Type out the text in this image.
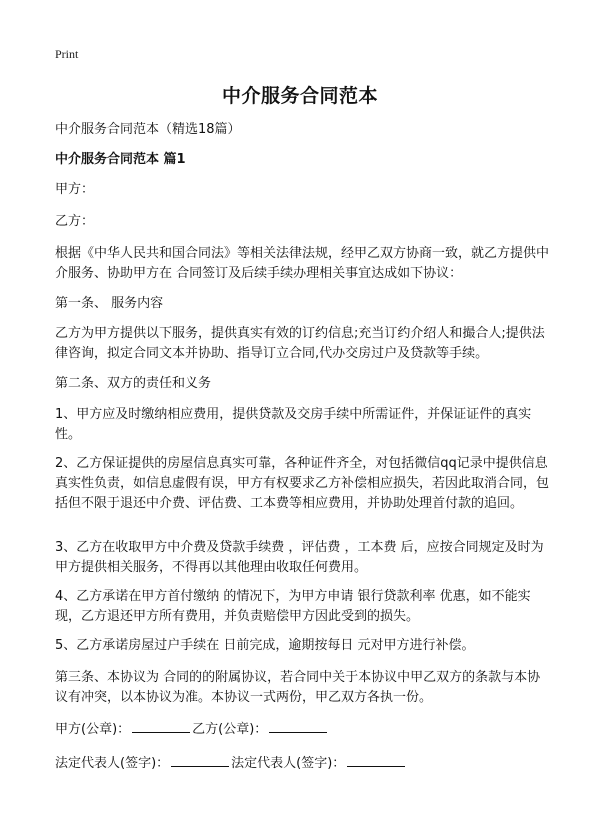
Print
中介服务合同范本

中介服务合同范本（精选18篇）

中介服务合同范本 篇1

甲方：

乙方：

根据《中华人民共和国合同法》等相关法律法规，经甲乙双方协商一致，就乙方提供中介服务、协助甲方在 合同签订及后续手续办理相关事宜达成如下协议：

第一条、 服务内容

乙方为甲方提供以下服务，提供真实有效的订约信息;充当订约介绍人和撮合人;提供法律咨询，拟定合同文本并协助、指导订立合同,代办交房过户及贷款等手续。

第二条、双方的责任和义务

1、甲方应及时缴纳相应费用，提供贷款及交房手续中所需证件，并保证证件的真实性。

2、乙方保证提供的房屋信息真实可靠，各种证件齐全，对包括微信qq记录中提供信息真实性负责，如信息虚假有误，甲方有权要求乙方补偿相应损失，若因此取消合同，包括但不限于退还中介费、评估费、工本费等相应费用，并协助处理首付款的追回。

3、乙方在收取甲方中介费及贷款手续费 ，评估费 ，工本费 后，应按合同规定及时为甲方提供相关服务，不得再以其他理由收取任何费用。

4、乙方承诺在甲方首付缴纳 的情况下，为甲方申请 银行贷款利率 优惠，如不能实现，乙方退还甲方所有费用，并负责赔偿甲方因此受到的损失。

5、乙方承诺房屋过户手续在 日前完成，逾期按每日 元对甲方进行补偿。

第三条、本协议为 合同的的附属协议，若合同中关于本协议中甲乙双方的条款与本协议有冲突，以本协议为准。本协议一式两份，甲乙双方各执一份。

甲方(公章)：	乙方(公章)：
法定代表人(签字)：	法定代表人(签字)：
